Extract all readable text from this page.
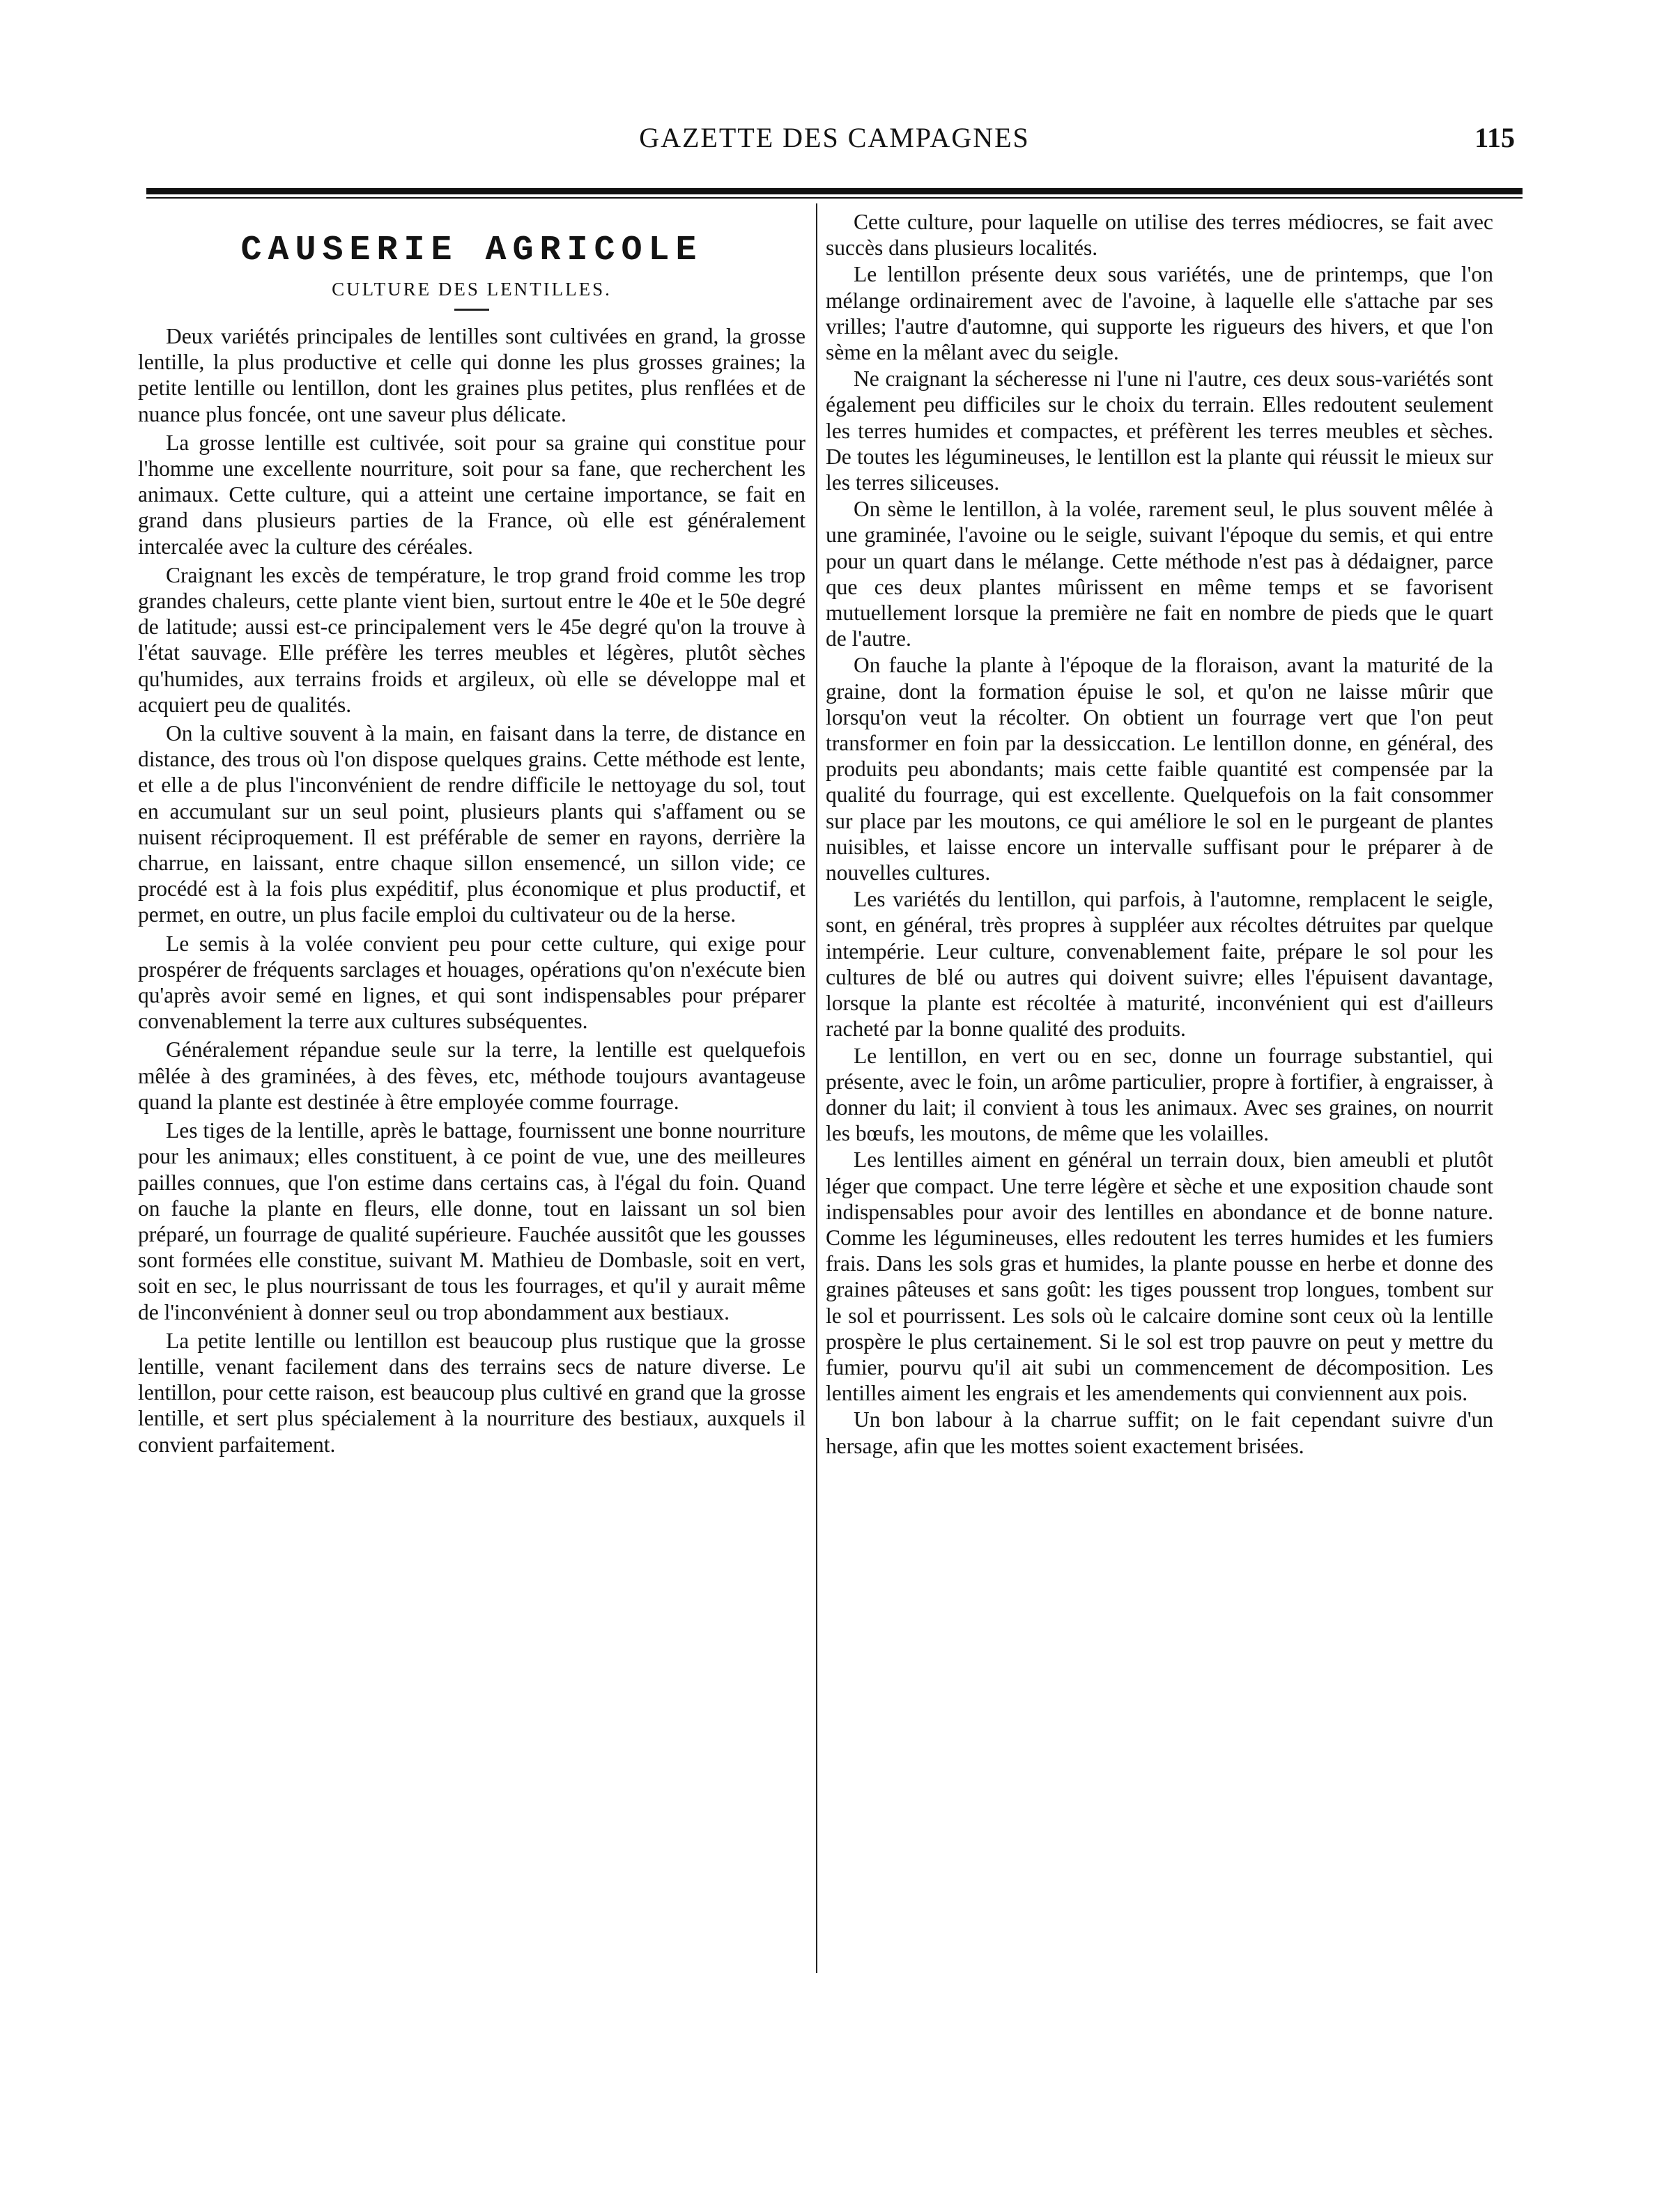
GAZETTE DES CAMPAGNES	115
CAUSERIE AGRICOLE
CULTURE DES LENTILLES.

Deux variétés principales de lentilles sont cultivées en grand, la grosse lentille, la plus productive et celle qui donne les plus grosses graines; la petite lentille ou lentillon, dont les graines plus petites, plus renflées et de nuance plus foncée, ont une saveur plus délicate.

La grosse lentille est cultivée, soit pour sa graine qui constitue pour l'homme une excellente nourriture, soit pour sa fane, que recherchent les animaux. Cette culture, qui a atteint une certaine importance, se fait en grand dans plusieurs parties de la France, où elle est généralement intercalée avec la culture des céréales.

Craignant les excès de température, le trop grand froid comme les trop grandes chaleurs, cette plante vient bien, surtout entre le 40e et le 50e degré de latitude; aussi est-ce principalement vers le 45e degré qu'on la trouve à l'état sauvage. Elle préfère les terres meubles et légères, plutôt sèches qu'humides, aux terrains froids et argileux, où elle se développe mal et acquiert peu de qualités.

On la cultive souvent à la main, en faisant dans la terre, de distance en distance, des trous où l'on dispose quelques grains. Cette méthode est lente, et elle a de plus l'inconvénient de rendre difficile le nettoyage du sol, tout en accumulant sur un seul point, plusieurs plants qui s'affament ou se nuisent réciproquement. Il est préférable de semer en rayons, derrière la charrue, en laissant, entre chaque sillon ensemencé, un sillon vide; ce procédé est à la fois plus expéditif, plus économique et plus productif, et permet, en outre, un plus facile emploi du cultivateur ou de la herse.

Le semis à la volée convient peu pour cette culture, qui exige pour prospérer de fréquents sarclages et houages, opérations qu'on n'exécute bien qu'après avoir semé en lignes, et qui sont indispensables pour préparer convenablement la terre aux cultures subséquentes.

Généralement répandue seule sur la terre, la lentille est quelquefois mêlée à des graminées, à des fèves, etc, méthode toujours avantageuse quand la plante est destinée à être employée comme fourrage.

Les tiges de la lentille, après le battage, fournissent une bonne nourriture pour les animaux; elles constituent, à ce point de vue, une des meilleures pailles connues, que l'on estime dans certains cas, à l'égal du foin. Quand on fauche la plante en fleurs, elle donne, tout en laissant un sol bien préparé, un fourrage de qualité supérieure. Fauchée aussitôt que les gousses sont formées elle constitue, suivant M. Mathieu de Dombasle, soit en vert, soit en sec, le plus nourrissant de tous les fourrages, et qu'il y aurait même de l'inconvénient à donner seul ou trop abondamment aux bestiaux.

La petite lentille ou lentillon est beaucoup plus rustique que la grosse lentille, venant facilement dans des terrains secs de nature diverse. Le lentillon, pour cette raison, est beaucoup plus cultivé en grand que la grosse lentille, et sert plus spécialement à la nourriture des bestiaux, auxquels il convient parfaitement.

Cette culture, pour laquelle on utilise des terres médiocres, se fait avec succès dans plusieurs localités.

Le lentillon présente deux sous variétés, une de printemps, que l'on mélange ordinairement avec de l'avoine, à laquelle elle s'attache par ses vrilles; l'autre d'automne, qui supporte les rigueurs des hivers, et que l'on sème en la mêlant avec du seigle.

Ne craignant la sécheresse ni l'une ni l'autre, ces deux sous-variétés sont également peu difficiles sur le choix du terrain. Elles redoutent seulement les terres humides et compactes, et préfèrent les terres meubles et sèches. De toutes les légumineuses, le lentillon est la plante qui réussit le mieux sur les terres siliceuses.

On sème le lentillon, à la volée, rarement seul, le plus souvent mêlée à une graminée, l'avoine ou le seigle, suivant l'époque du semis, et qui entre pour un quart dans le mélange. Cette méthode n'est pas à dédaigner, parce que ces deux plantes mûrissent en même temps et se favorisent mutuellement lorsque la première ne fait en nombre de pieds que le quart de l'autre.

On fauche la plante à l'époque de la floraison, avant la maturité de la graine, dont la formation épuise le sol, et qu'on ne laisse mûrir que lorsqu'on veut la récolter. On obtient un fourrage vert que l'on peut transformer en foin par la dessiccation. Le lentillon donne, en général, des produits peu abondants; mais cette faible quantité est compensée par la qualité du fourrage, qui est excellente. Quelquefois on la fait consommer sur place par les moutons, ce qui améliore le sol en le purgeant de plantes nuisibles, et laisse encore un intervalle suffisant pour le préparer à de nouvelles cultures.

Les variétés du lentillon, qui parfois, à l'automne, remplacent le seigle, sont, en général, très propres à suppléer aux récoltes détruites par quelque intempérie. Leur culture, convenablement faite, prépare le sol pour les cultures de blé ou autres qui doivent suivre; elles l'épuisent davantage, lorsque la plante est récoltée à maturité, inconvénient qui est d'ailleurs racheté par la bonne qualité des produits.

Le lentillon, en vert ou en sec, donne un fourrage substantiel, qui présente, avec le foin, un arôme particulier, propre à fortifier, à engraisser, à donner du lait; il convient à tous les animaux. Avec ses graines, on nourrit les bœufs, les moutons, de même que les volailles.

Les lentilles aiment en général un terrain doux, bien ameubli et plutôt léger que compact. Une terre légère et sèche et une exposition chaude sont indispensables pour avoir des lentilles en abondance et de bonne nature. Comme les légumineuses, elles redoutent les terres humides et les fumiers frais. Dans les sols gras et humides, la plante pousse en herbe et donne des graines pâteuses et sans goût: les tiges poussent trop longues, tombent sur le sol et pourrissent. Les sols où le calcaire domine sont ceux où la lentille prospère le plus certainement. Si le sol est trop pauvre on peut y mettre du fumier, pourvu qu'il ait subi un commencement de décomposition. Les lentilles aiment les engrais et les amendements qui conviennent aux pois.

Un bon labour à la charrue suffit; on le fait cependant suivre d'un hersage, afin que les mottes soient exactement brisées.
